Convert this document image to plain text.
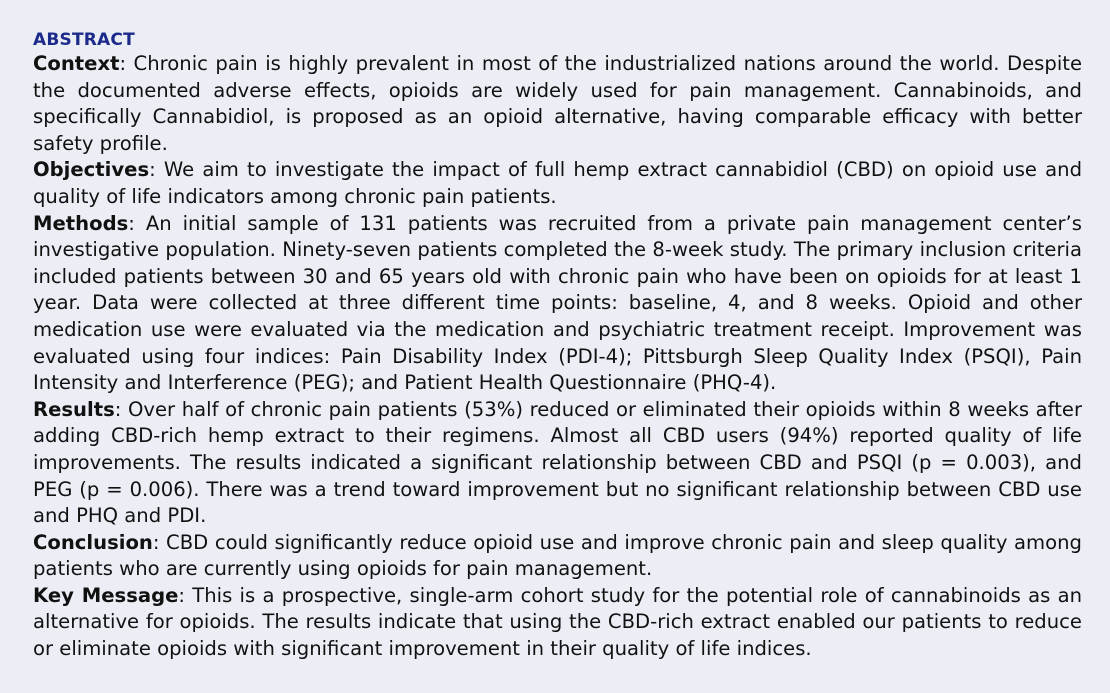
ABSTRACT

Context: Chronic pain is highly prevalent in most of the industrialized nations around the world. Despite the documented adverse effects, opioids are widely used for pain management. Cannabinoids, and specifically Cannabidiol, is proposed as an opioid alternative, having comparable efficacy with better safety profile.

Objectives: We aim to investigate the impact of full hemp extract cannabidiol (CBD) on opioid use and quality of life indicators among chronic pain patients.

Methods: An initial sample of 131 patients was recruited from a private pain management center’s investigative population. Ninety-seven patients completed the 8-week study. The primary inclusion criteria included patients between 30 and 65 years old with chronic pain who have been on opioids for at least 1 year. Data were collected at three different time points: baseline, 4, and 8 weeks. Opioid and other medication use were evaluated via the medication and psychiatric treatment receipt. Improvement was evaluated using four indices: Pain Disability Index (PDI-4); Pittsburgh Sleep Quality Index (PSQI), Pain Intensity and Interference (PEG); and Patient Health Questionnaire (PHQ-4).

Results: Over half of chronic pain patients (53%) reduced or eliminated their opioids within 8 weeks after adding CBD-rich hemp extract to their regimens. Almost all CBD users (94%) reported quality of life improvements. The results indicated a significant relationship between CBD and PSQI (p = 0.003), and PEG (p = 0.006). There was a trend toward improvement but no significant relationship between CBD use and PHQ and PDI.

Conclusion: CBD could significantly reduce opioid use and improve chronic pain and sleep quality among patients who are currently using opioids for pain management.

Key Message: This is a prospective, single-arm cohort study for the potential role of cannabinoids as an alternative for opioids. The results indicate that using the CBD-rich extract enabled our patients to reduce or eliminate opioids with significant improvement in their quality of life indices.
